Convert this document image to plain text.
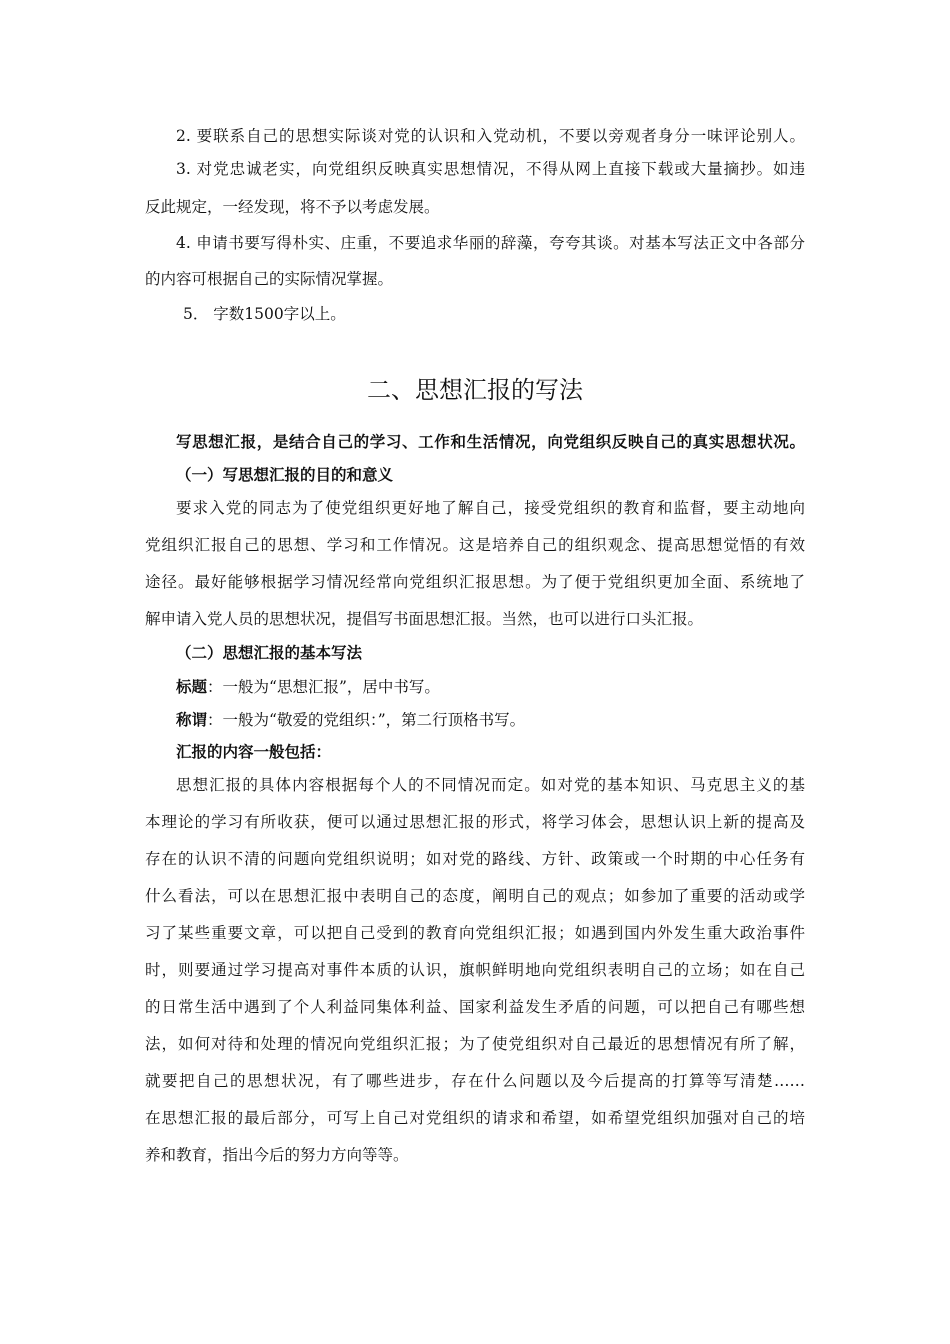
2. 要联系自己的思想实际谈对党的认识和入党动机，不要以旁观者身分一味评论别人。
3. 对党忠诚老实，向党组织反映真实思想情况，不得从网上直接下载或大量摘抄。如违
反此规定，一经发现，将不予以考虑发展。
4. 申请书要写得朴实、庄重，不要追求华丽的辞藻，夸夸其谈。对基本写法正文中各部分
的内容可根据自己的实际情况掌握。
5． 字数1500字以上。
二、思想汇报的写法
写思想汇报，是结合自己的学习、工作和生活情况，向党组织反映自己的真实思想状况。
（一）写思想汇报的目的和意义
要求入党的同志为了使党组织更好地了解自己，接受党组织的教育和监督，要主动地向
党组织汇报自己的思想、学习和工作情况。这是培养自己的组织观念、提高思想觉悟的有效
途径。最好能够根据学习情况经常向党组织汇报思想。为了便于党组织更加全面、系统地了
解申请入党人员的思想状况，提倡写书面思想汇报。当然，也可以进行口头汇报。
（二）思想汇报的基本写法
标题：一般为“思想汇报”，居中书写。
称谓：一般为“敬爱的党组织：”，第二行顶格书写。
汇报的内容一般包括：
思想汇报的具体内容根据每个人的不同情况而定。如对党的基本知识、马克思主义的基
本理论的学习有所收获，便可以通过思想汇报的形式，将学习体会，思想认识上新的提高及
存在的认识不清的问题向党组织说明；如对党的路线、方针、政策或一个时期的中心任务有
什么看法，可以在思想汇报中表明自己的态度，阐明自己的观点；如参加了重要的活动或学
习了某些重要文章，可以把自己受到的教育向党组织汇报；如遇到国内外发生重大政治事件
时，则要通过学习提高对事件本质的认识，旗帜鲜明地向党组织表明自己的立场；如在自己
的日常生活中遇到了个人利益同集体利益、国家利益发生矛盾的问题，可以把自己有哪些想
法，如何对待和处理的情况向党组织汇报；为了使党组织对自己最近的思想情况有所了解，
就要把自己的思想状况，有了哪些进步，存在什么问题以及今后提高的打算等写清楚……
在思想汇报的最后部分，可写上自己对党组织的请求和希望，如希望党组织加强对自己的培
养和教育，指出今后的努力方向等等。
